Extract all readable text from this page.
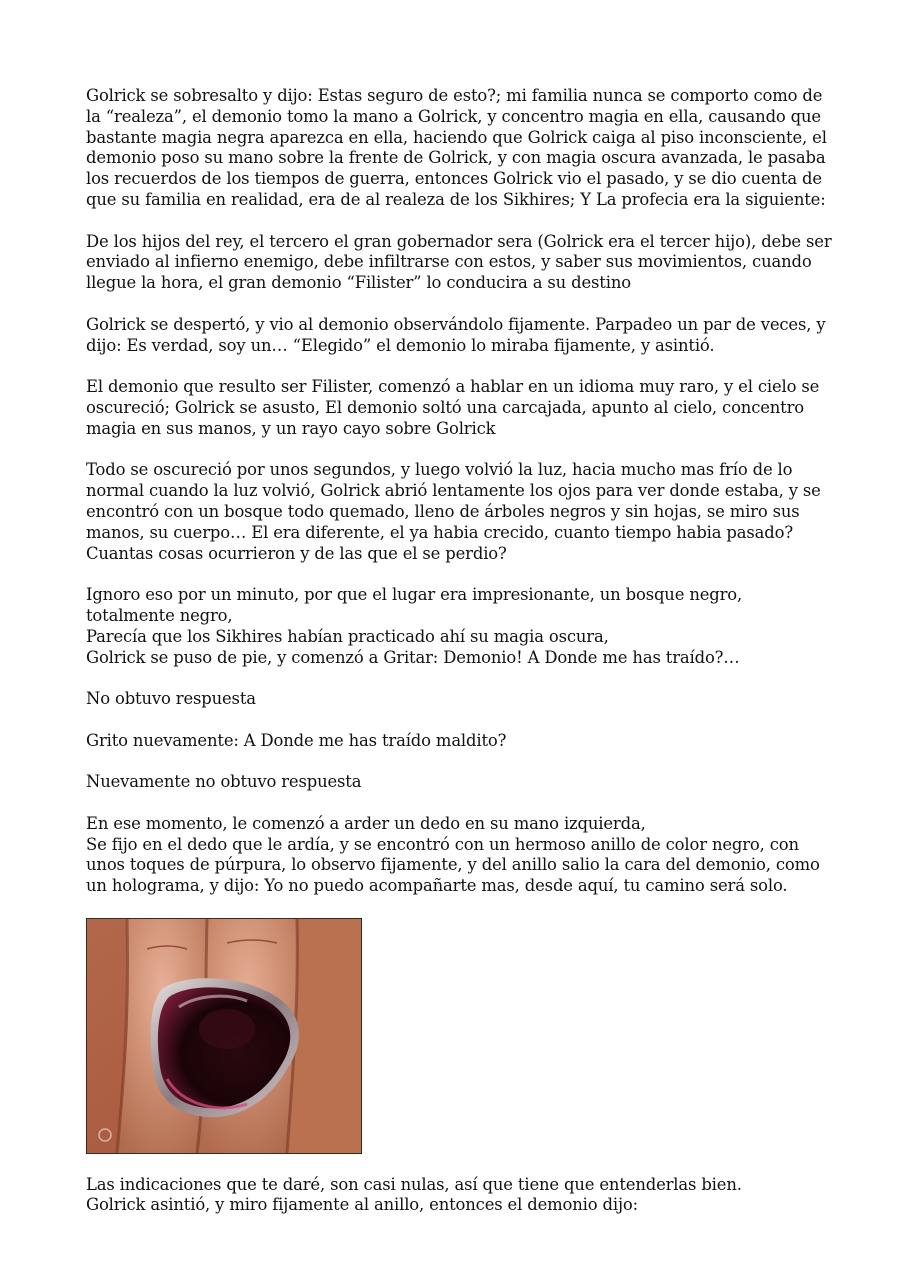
Golrick se sobresalto y dijo: Estas seguro de esto?; mi familia nunca se comporto como de
la “realeza”, el demonio tomo la mano a Golrick, y concentro magia en ella, causando que
bastante magia negra aparezca en ella, haciendo que Golrick caiga al piso inconsciente, el
demonio poso su mano sobre la frente de Golrick, y con magia oscura avanzada, le pasaba
los recuerdos de los tiempos de guerra, entonces Golrick vio el pasado, y se dio cuenta de
que su familia en realidad, era de al realeza de los Sikhires; Y La profecia era la siguiente:

De los hijos del rey, el tercero el gran gobernador sera (Golrick era el tercer hijo), debe ser
enviado al infierno enemigo, debe infiltrarse con estos, y saber sus movimientos, cuando
llegue la hora, el gran demonio “Filister” lo conducira a su destino

Golrick se despertó, y vio al demonio observándolo fijamente. Parpadeo un par de veces, y
dijo: Es verdad, soy un… “Elegido” el demonio lo miraba fijamente, y asintió.

El demonio que resulto ser Filister, comenzó a hablar en un idioma muy raro, y el cielo se
oscureció; Golrick se asusto, El demonio soltó una carcajada, apunto al cielo, concentro
magia en sus manos, y un rayo cayo sobre Golrick

Todo se oscureció por unos segundos, y luego volvió la luz, hacia mucho mas frío de lo
normal cuando la luz volvió, Golrick abrió lentamente los ojos para ver donde estaba, y se
encontró con un bosque todo quemado, lleno de árboles negros y sin hojas, se miro sus
manos, su cuerpo… El era diferente, el ya habia crecido, cuanto tiempo habia pasado?
Cuantas cosas ocurrieron y de las que el se perdio?

Ignoro eso por un minuto, por que el lugar era impresionante, un bosque negro,
totalmente negro,
Parecía que los Sikhires habían practicado ahí su magia oscura,
Golrick se puso de pie, y comenzó a Gritar: Demonio! A Donde me has traído?…

No obtuvo respuesta

Grito nuevamente: A Donde me has traído maldito?

Nuevamente no obtuvo respuesta

En ese momento, le comenzó a arder un dedo en su mano izquierda,
Se fijo en el dedo que le ardía, y se encontró con un hermoso anillo de color negro, con
unos toques de púrpura, lo observo fijamente, y del anillo salio la cara del demonio, como
un holograma, y dijo: Yo no puedo acompañarte mas, desde aquí, tu camino será solo.

Las indicaciones que te daré, son casi nulas, así que tiene que entenderlas bien.
Golrick asintió, y miro fijamente al anillo, entonces el demonio dijo:
